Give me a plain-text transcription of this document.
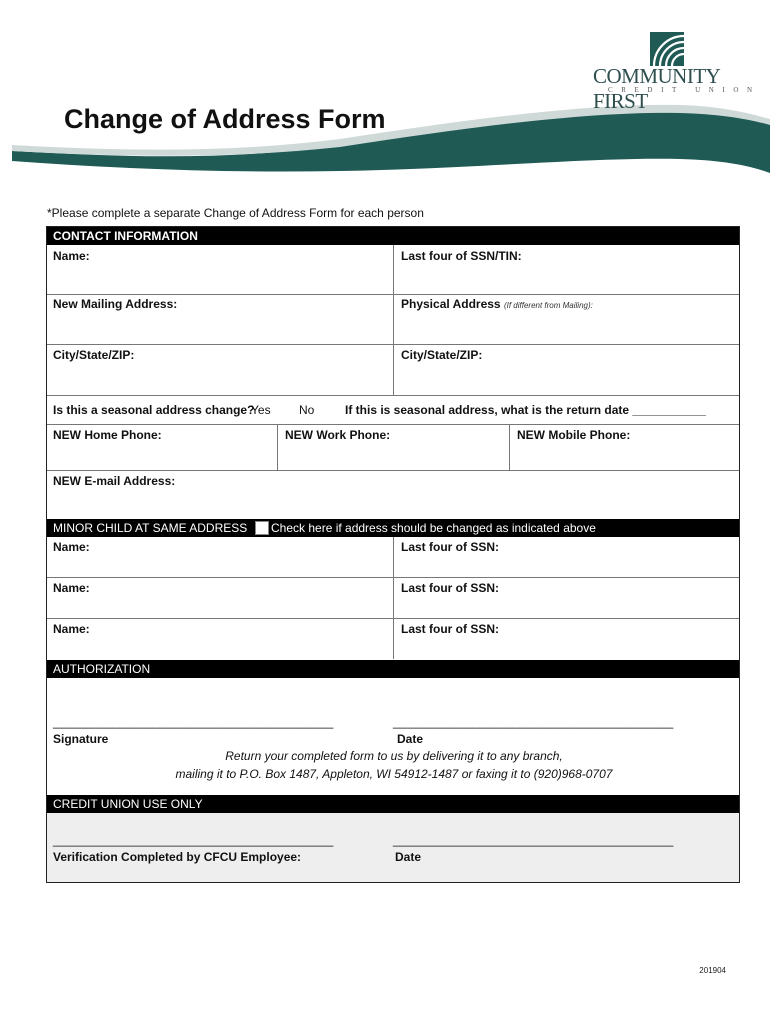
COMMUNITY FIRST
CREDIT UNION
Change of Address Form
*Please complete a separate Change of Address Form for each person
CONTACT INFORMATION
Name:	Last four of SSN/TIN:
New Mailing Address:	Physical Address (If different from Mailing):
City/State/ZIP:	City/State/ZIP:
Is this a seasonal address change?
Yes No	If this is seasonal address, what is the return date ___________
NEW Home Phone:	NEW Work Phone:	NEW Mobile Phone:
NEW E-mail Address:
MINOR CHILD AT SAME ADDRESS	Check here if address should be changed as indicated above
Name:	Last four of SSN:
Name:	Last four of SSN:
Name:	Last four of SSN:
AUTHORIZATION
__________________________________________	__________________________________________
Signature	Date
Return your completed form to us by delivering it to any branch,
mailing it to P.O. Box 1487, Appleton, WI 54912-1487 or faxing it to (920)968-0707
CREDIT UNION USE ONLY
__________________________________________	__________________________________________
Verification Completed by CFCU Employee:	Date
201904
